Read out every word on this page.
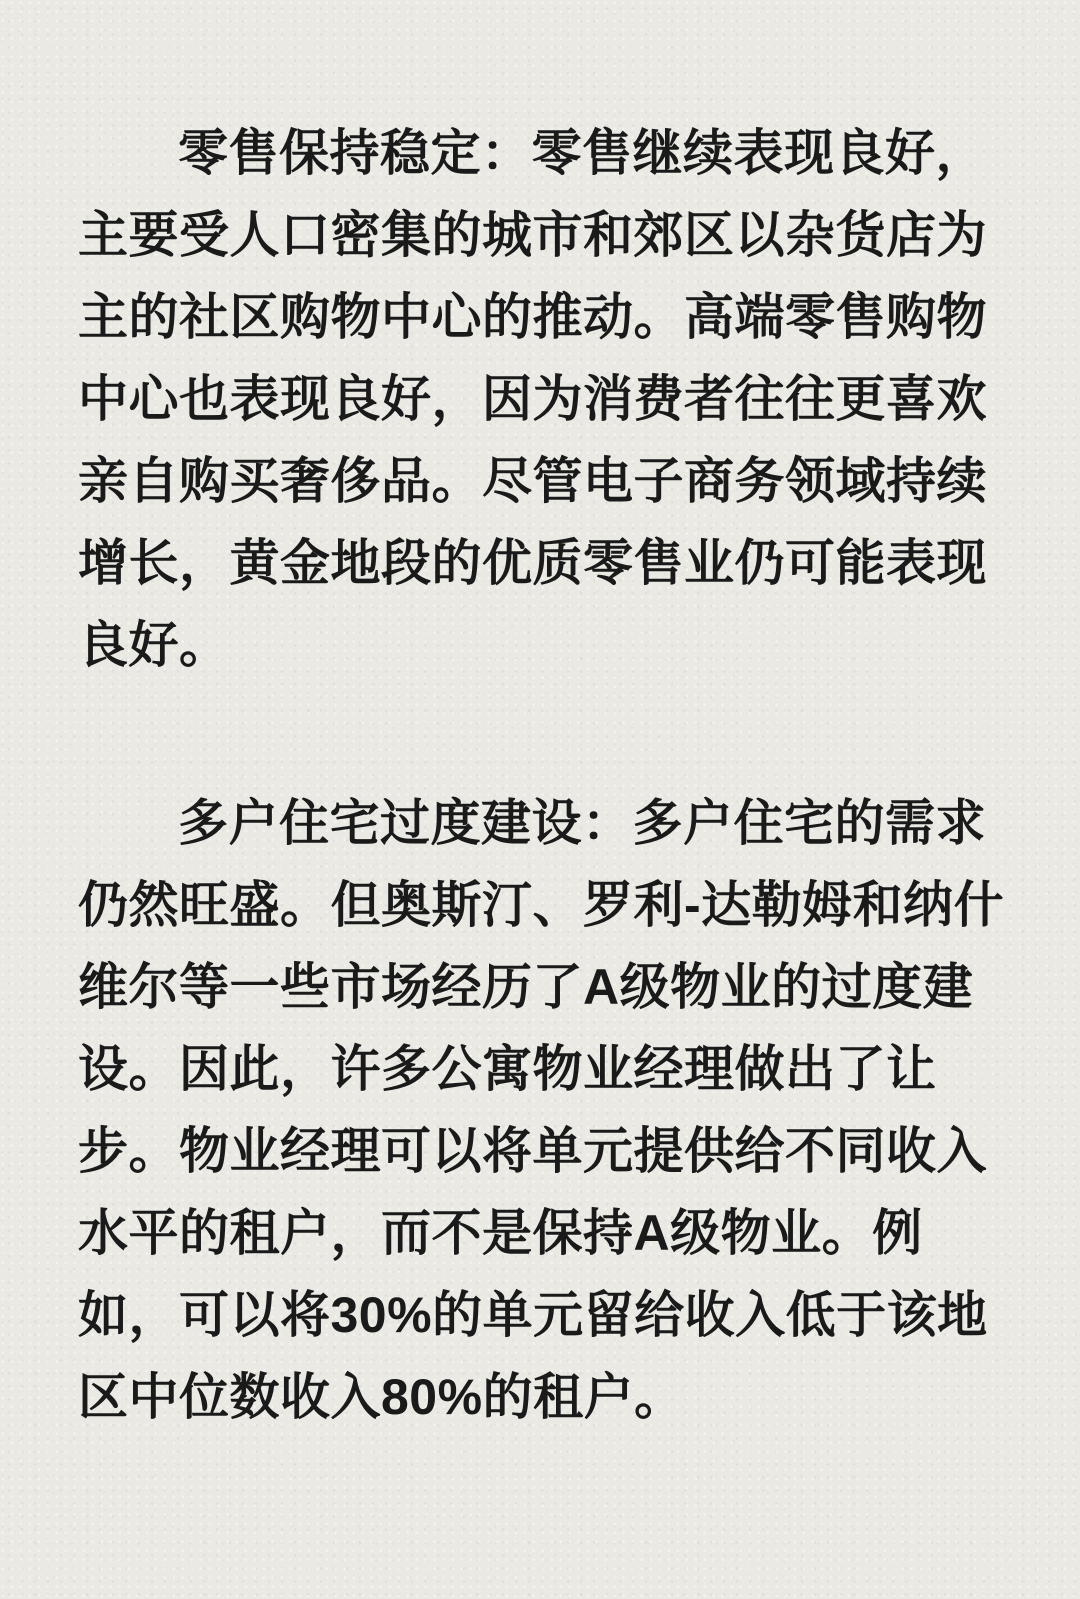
零售保持稳定：零售继续表现良好，
主要受人口密集的城市和郊区以杂货店为
主的社区购物中心的推动。高端零售购物
中心也表现良好，因为消费者往往更喜欢
亲自购买奢侈品。尽管电子商务领域持续
增长，黄金地段的优质零售业仍可能表现
良好。

多户住宅过度建设：多户住宅的需求
仍然旺盛。但奥斯汀、罗利-达勒姆和纳什
维尔等一些市场经历了A级物业的过度建
设。因此，许多公寓物业经理做出了让
步。物业经理可以将单元提供给不同收入
水平的租户，而不是保持A级物业。例
如，可以将30%的单元留给收入低于该地
区中位数收入80%的租户。
